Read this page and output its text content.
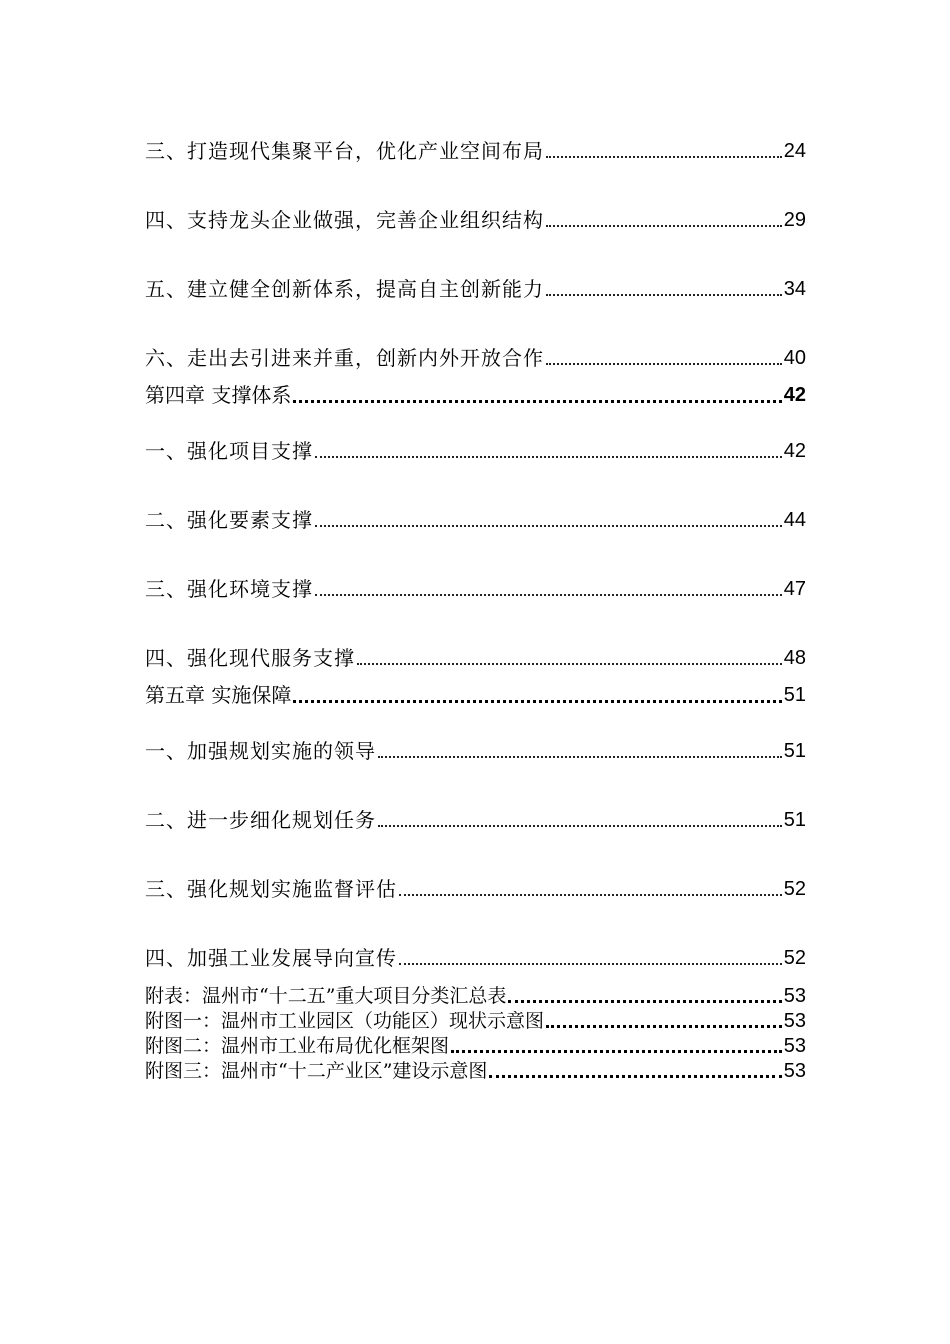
三、打造现代集聚平台，优化产业空间布局	24
四、支持龙头企业做强，完善企业组织结构	29
五、建立健全创新体系，提高自主创新能力	34
六、走出去引进来并重，创新内外开放合作	40
第四章 支撑体系	42
一、强化项目支撑	42
二、强化要素支撑	44
三、强化环境支撑	47
四、强化现代服务支撑	48
第五章 实施保障	51
一、加强规划实施的领导	51
二、进一步细化规划任务	51
三、强化规划实施监督评估	52
四、加强工业发展导向宣传	52
附表：温州市“十二五”重大项目分类汇总表	53
附图一：温州市工业园区（功能区）现状示意图	53
附图二：温州市工业布局优化框架图	53
附图三：温州市“十二产业区”建设示意图	53
